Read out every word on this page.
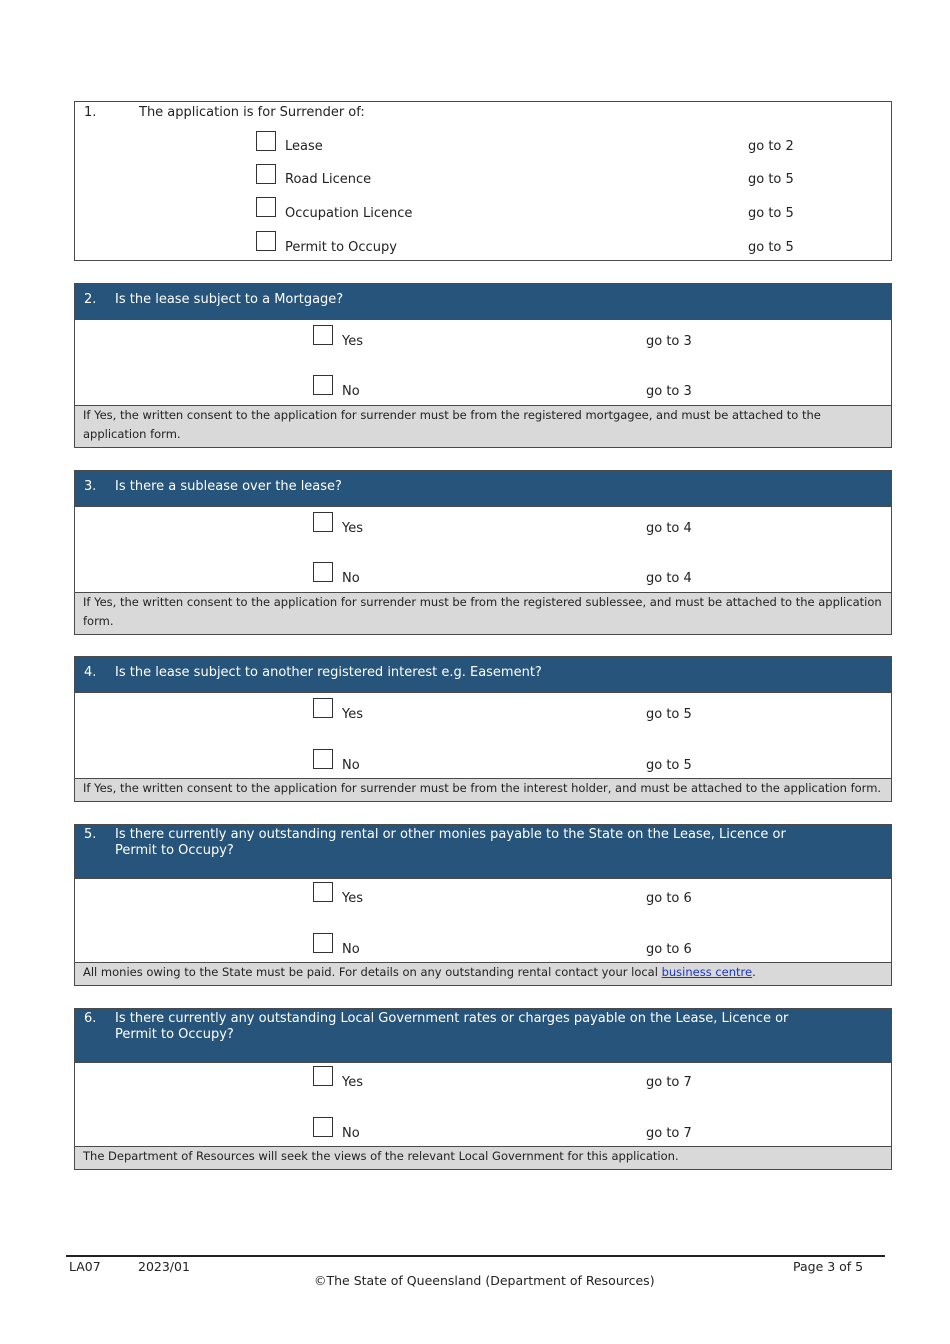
1.	The application is for Surrender of:
Lease	go to 2
Road Licence	go to 5
Occupation Licence	go to 5
Permit to Occupy	go to 5
2. Is the lease subject to a Mortgage?
Yes	go to 3
No	go to 3
If Yes, the written consent to the application for surrender must be from the registered mortgagee, and must be attached to the application form.
3. Is there a sublease over the lease?
Yes	go to 4
No	go to 4
If Yes, the written consent to the application for surrender must be from the registered sublessee, and must be attached to the application form.
4. Is the lease subject to another registered interest e.g. Easement?
Yes	go to 5
No	go to 5
If Yes, the written consent to the application for surrender must be from the interest holder, and must be attached to the application form.
5. Is there currently any outstanding rental or other monies payable to the State on the Lease, Licence or Permit to Occupy?
Yes	go to 6
No	go to 6
All monies owing to the State must be paid. For details on any outstanding rental contact your local business centre.
6. Is there currently any outstanding Local Government rates or charges payable on the Lease, Licence or Permit to Occupy?
Yes	go to 7
No	go to 7
The Department of Resources will seek the views of the relevant Local Government for this application.
LA07	2023/01	Page 3 of 5
©The State of Queensland (Department of Resources)
